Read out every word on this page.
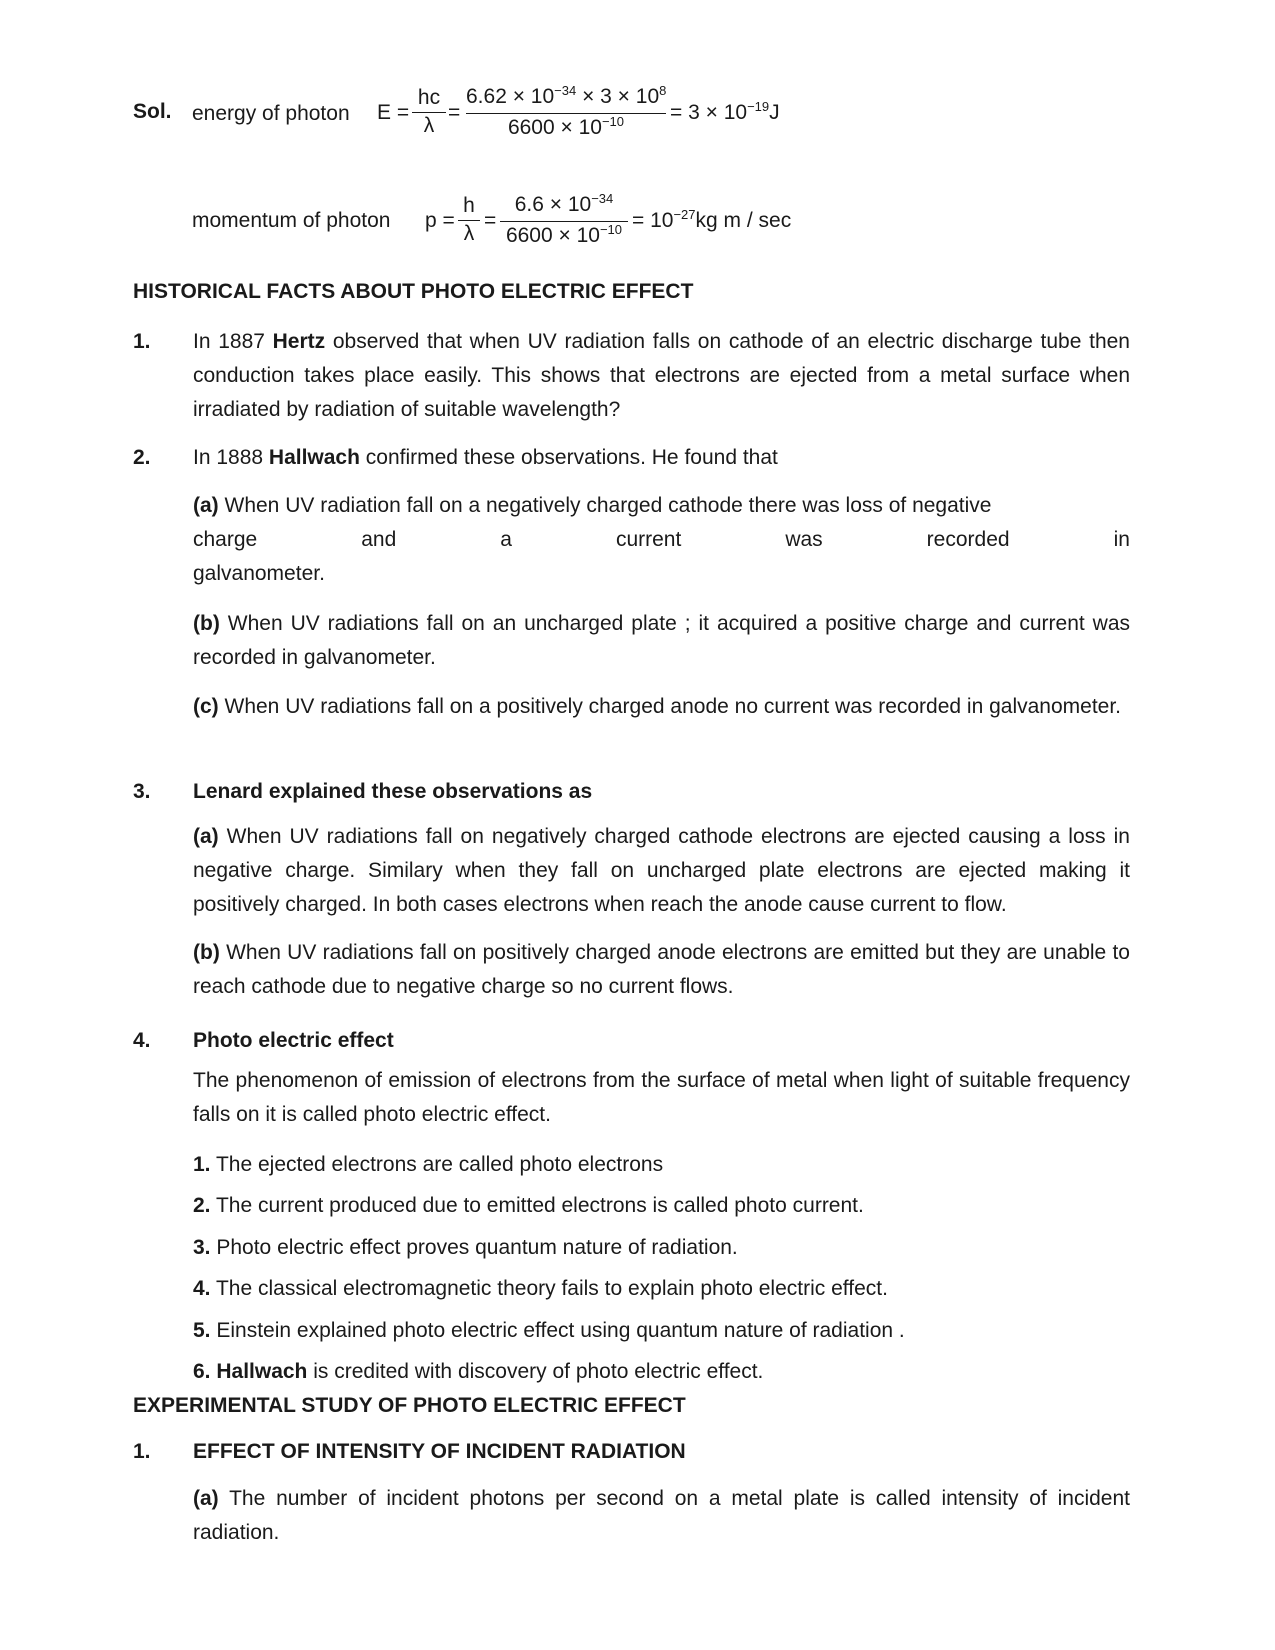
Sol. energy of photon E =
hc
λ
=
$6.62 \times 10^{-34} \times 3 \times 10^8$
$6600 \times 10^{-10}$	= $3 \times 10^{-19}J$
momentum of photon p =
h
λ
=
$6.6 \times 10^{-34}$
$6600 \times 10^{-10} = 10^{-27}kg$ m / sec
HISTORICAL FACTS ABOUT PHOTO ELECTRIC EFFECT
1. In 1887 Hertz observed that when UV radiation falls on cathode of an electric discharge tube then conduction takes place easily. This shows that electrons are ejected from a metal surface when irradiated by radiation of suitable wavelength?
2. In 1888 Hallwach confirmed these observations. He found that
(a) When UV radiation fall on a negatively charged cathode there was loss of negative
charge	and	a	current	was	recorded	in
galvanometer.
(b) When UV radiations fall on an uncharged plate ; it acquired a positive charge and current was recorded in galvanometer.
(c) When UV radiations fall on a positively charged anode no current was recorded in galvanometer.
3. Lenard explained these observations as
(a) When UV radiations fall on negatively charged cathode electrons are ejected causing a loss in negative charge. Similary when they fall on uncharged plate electrons are ejected making it positively charged. In both cases electrons when reach the anode cause current to flow.
(b) When UV radiations fall on positively charged anode electrons are emitted but they are unable to reach cathode due to negative charge so no current flows.
4. Photo electric effect
The phenomenon of emission of electrons from the surface of metal when light of suitable frequency falls on it is called photo electric effect.
1. The ejected electrons are called photo electrons
2. The current produced due to emitted electrons is called photo current.
3. Photo electric effect proves quantum nature of radiation.
4. The classical electromagnetic theory fails to explain photo electric effect.
5. Einstein explained photo electric effect using quantum nature of radiation .
6. Hallwach is credited with discovery of photo electric effect.
EXPERIMENTAL STUDY OF PHOTO ELECTRIC EFFECT
1. EFFECT OF INTENSITY OF INCIDENT RADIATION
(a) The number of incident photons per second on a metal plate is called intensity of incident radiation.
